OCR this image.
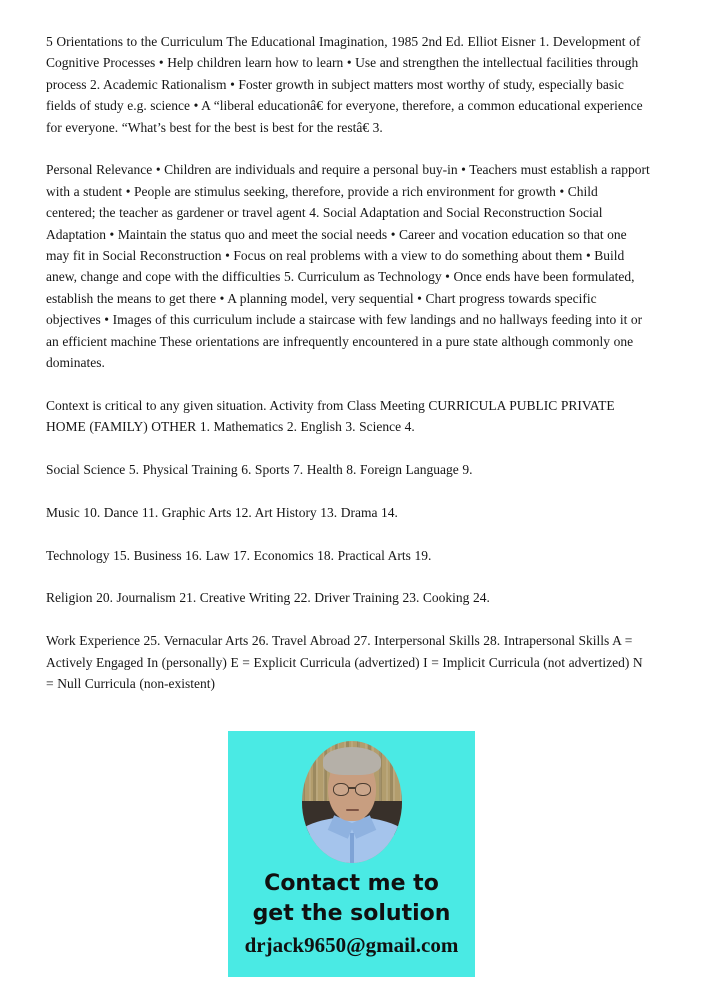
5 Orientations to the Curriculum The Educational Imagination, 1985 2nd Ed. Elliot Eisner 1. Development of Cognitive Processes • Help children learn how to learn • Use and strengthen the intellectual facilities through process 2. Academic Rationalism • Foster growth in subject matters most worthy of study, especially basic fields of study e.g. science • A “liberal educationâ€ for everyone, therefore, a common educational experience for everyone. “What’s best for the best is best for the restâ€ 3.

Personal Relevance • Children are individuals and require a personal buy-in • Teachers must establish a rapport with a student • People are stimulus seeking, therefore, provide a rich environment for growth • Child centered; the teacher as gardener or travel agent 4. Social Adaptation and Social Reconstruction Social Adaptation • Maintain the status quo and meet the social needs • Career and vocation education so that one may fit in Social Reconstruction • Focus on real problems with a view to do something about them • Build anew, change and cope with the difficulties 5. Curriculum as Technology • Once ends have been formulated, establish the means to get there • A planning model, very sequential • Chart progress towards specific objectives • Images of this curriculum include a staircase with few landings and no hallways feeding into it or an efficient machine These orientations are infrequently encountered in a pure state although commonly one dominates.

Context is critical to any given situation. Activity from Class Meeting CURRICULA PUBLIC PRIVATE HOME (FAMILY) OTHER 1. Mathematics 2. English 3. Science 4.

Social Science 5. Physical Training 6. Sports 7. Health 8. Foreign Language 9.

Music 10. Dance 11. Graphic Arts 12. Art History 13. Drama 14.

Technology 15. Business 16. Law 17. Economics 18. Practical Arts 19.

Religion 20. Journalism 21. Creative Writing 22. Driver Training 23. Cooking 24.

Work Experience 25. Vernacular Arts 26. Travel Abroad 27. Interpersonal Skills 28. Intrapersonal Skills A = Actively Engaged In (personally) E = Explicit Curricula (advertized) I = Implicit Curricula (not advertized) N = Null Curricula (non-existent)

Contact me to
get the solution
drjack9650@gmail.com
